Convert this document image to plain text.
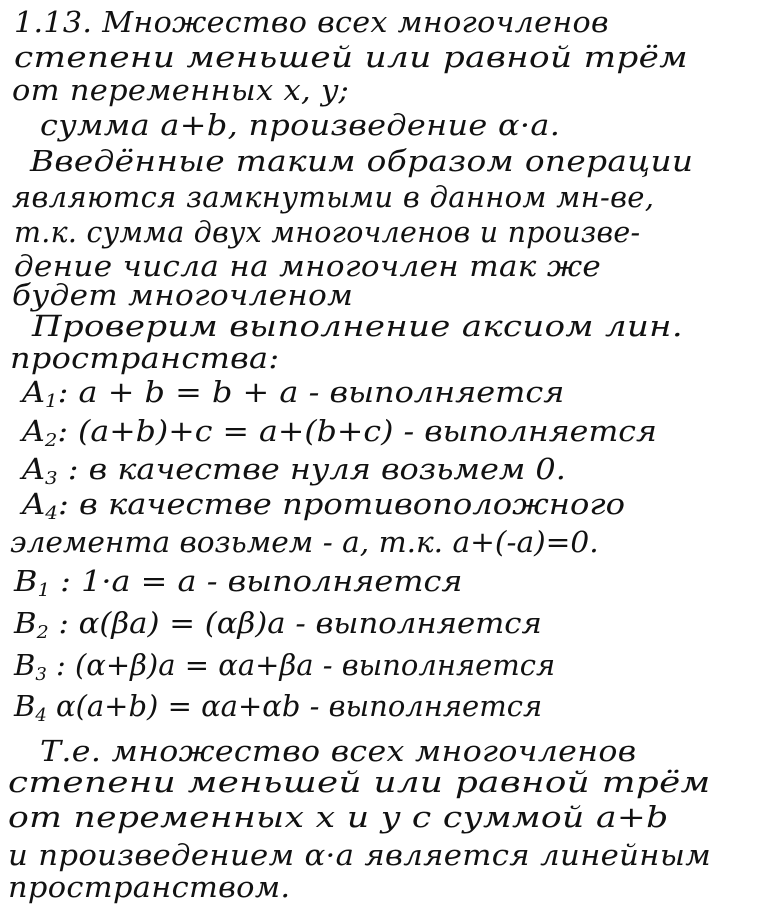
1.13. Множество всех многочленов
степени меньшей или равной трём
от переменных x, y;
сумма a+b, произведение α·a.
Введённые таким образом операции
являются замкнутыми в данном мн-ве,
т.к. сумма двух многочленов и произве-
дение числа на многочлен так же
будет многочленом
Проверим выполнение аксиом лин.
пространства:
$A_1$: a + b = b + a - выполняется
$A_2$: (a+b)+c = a+(b+c) - выполняется
$A_3$ : в качестве нуля возьмем 0.
$A_4$: в качестве противоположного
элемента возьмем - a, т.к. a+(-a)=0.
$B_1$ : 1·a = a - выполняется
$B_2$ : α(βa) = (αβ)a - выполняется
$B_3$ : (α+β)a = αa+βa - выполняется
$B_4$ α(a+b) = αa+αb - выполняется
Т.е. множество всех многочленов
степени меньшей или равной трём
от переменных x и y с суммой a+b
и произведением α·a является линейным
пространством.
